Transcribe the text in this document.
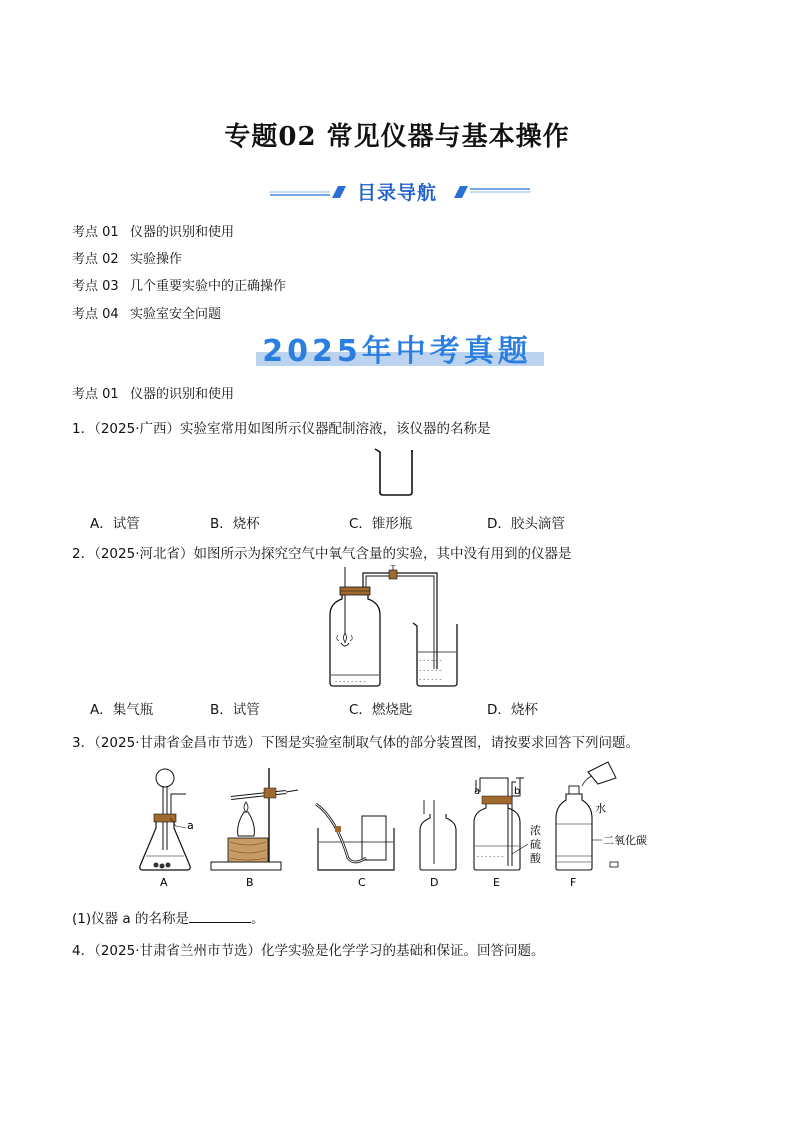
专题02 常见仪器与基本操作
目录导航
考点 01 仪器的识别和使用
考点 02 实验操作
考点 03 几个重要实验中的正确操作
考点 04 实验室安全问题
2025年中考真题
考点 01 仪器的识别和使用
1．（2025·广西）实验室常用如图所示仪器配制溶液，该仪器的名称是
A．试管	B．烧杯	C．锥形瓶	D．胶头滴管
2．（2025·河北省）如图所示为探究空气中氧气含量的实验，其中没有用到的仪器是
- - - - - - - -
- - - - - -
- - - - - -
- - - - - -
A．集气瓶	B．试管	C．燃烧匙	D．烧杯
3．（2025·甘肃省金昌市节选）下图是实验室制取气体的部分装置图，请按要求回答下列问题。
a
A	B	C	D
- - - - - - -
a	b
浓
硫
酸
E
水
二氧化碳
F
(1)仪器 a 的名称是	。
4．（2025·甘肃省兰州市节选）化学实验是化学学习的基础和保证。回答问题。
